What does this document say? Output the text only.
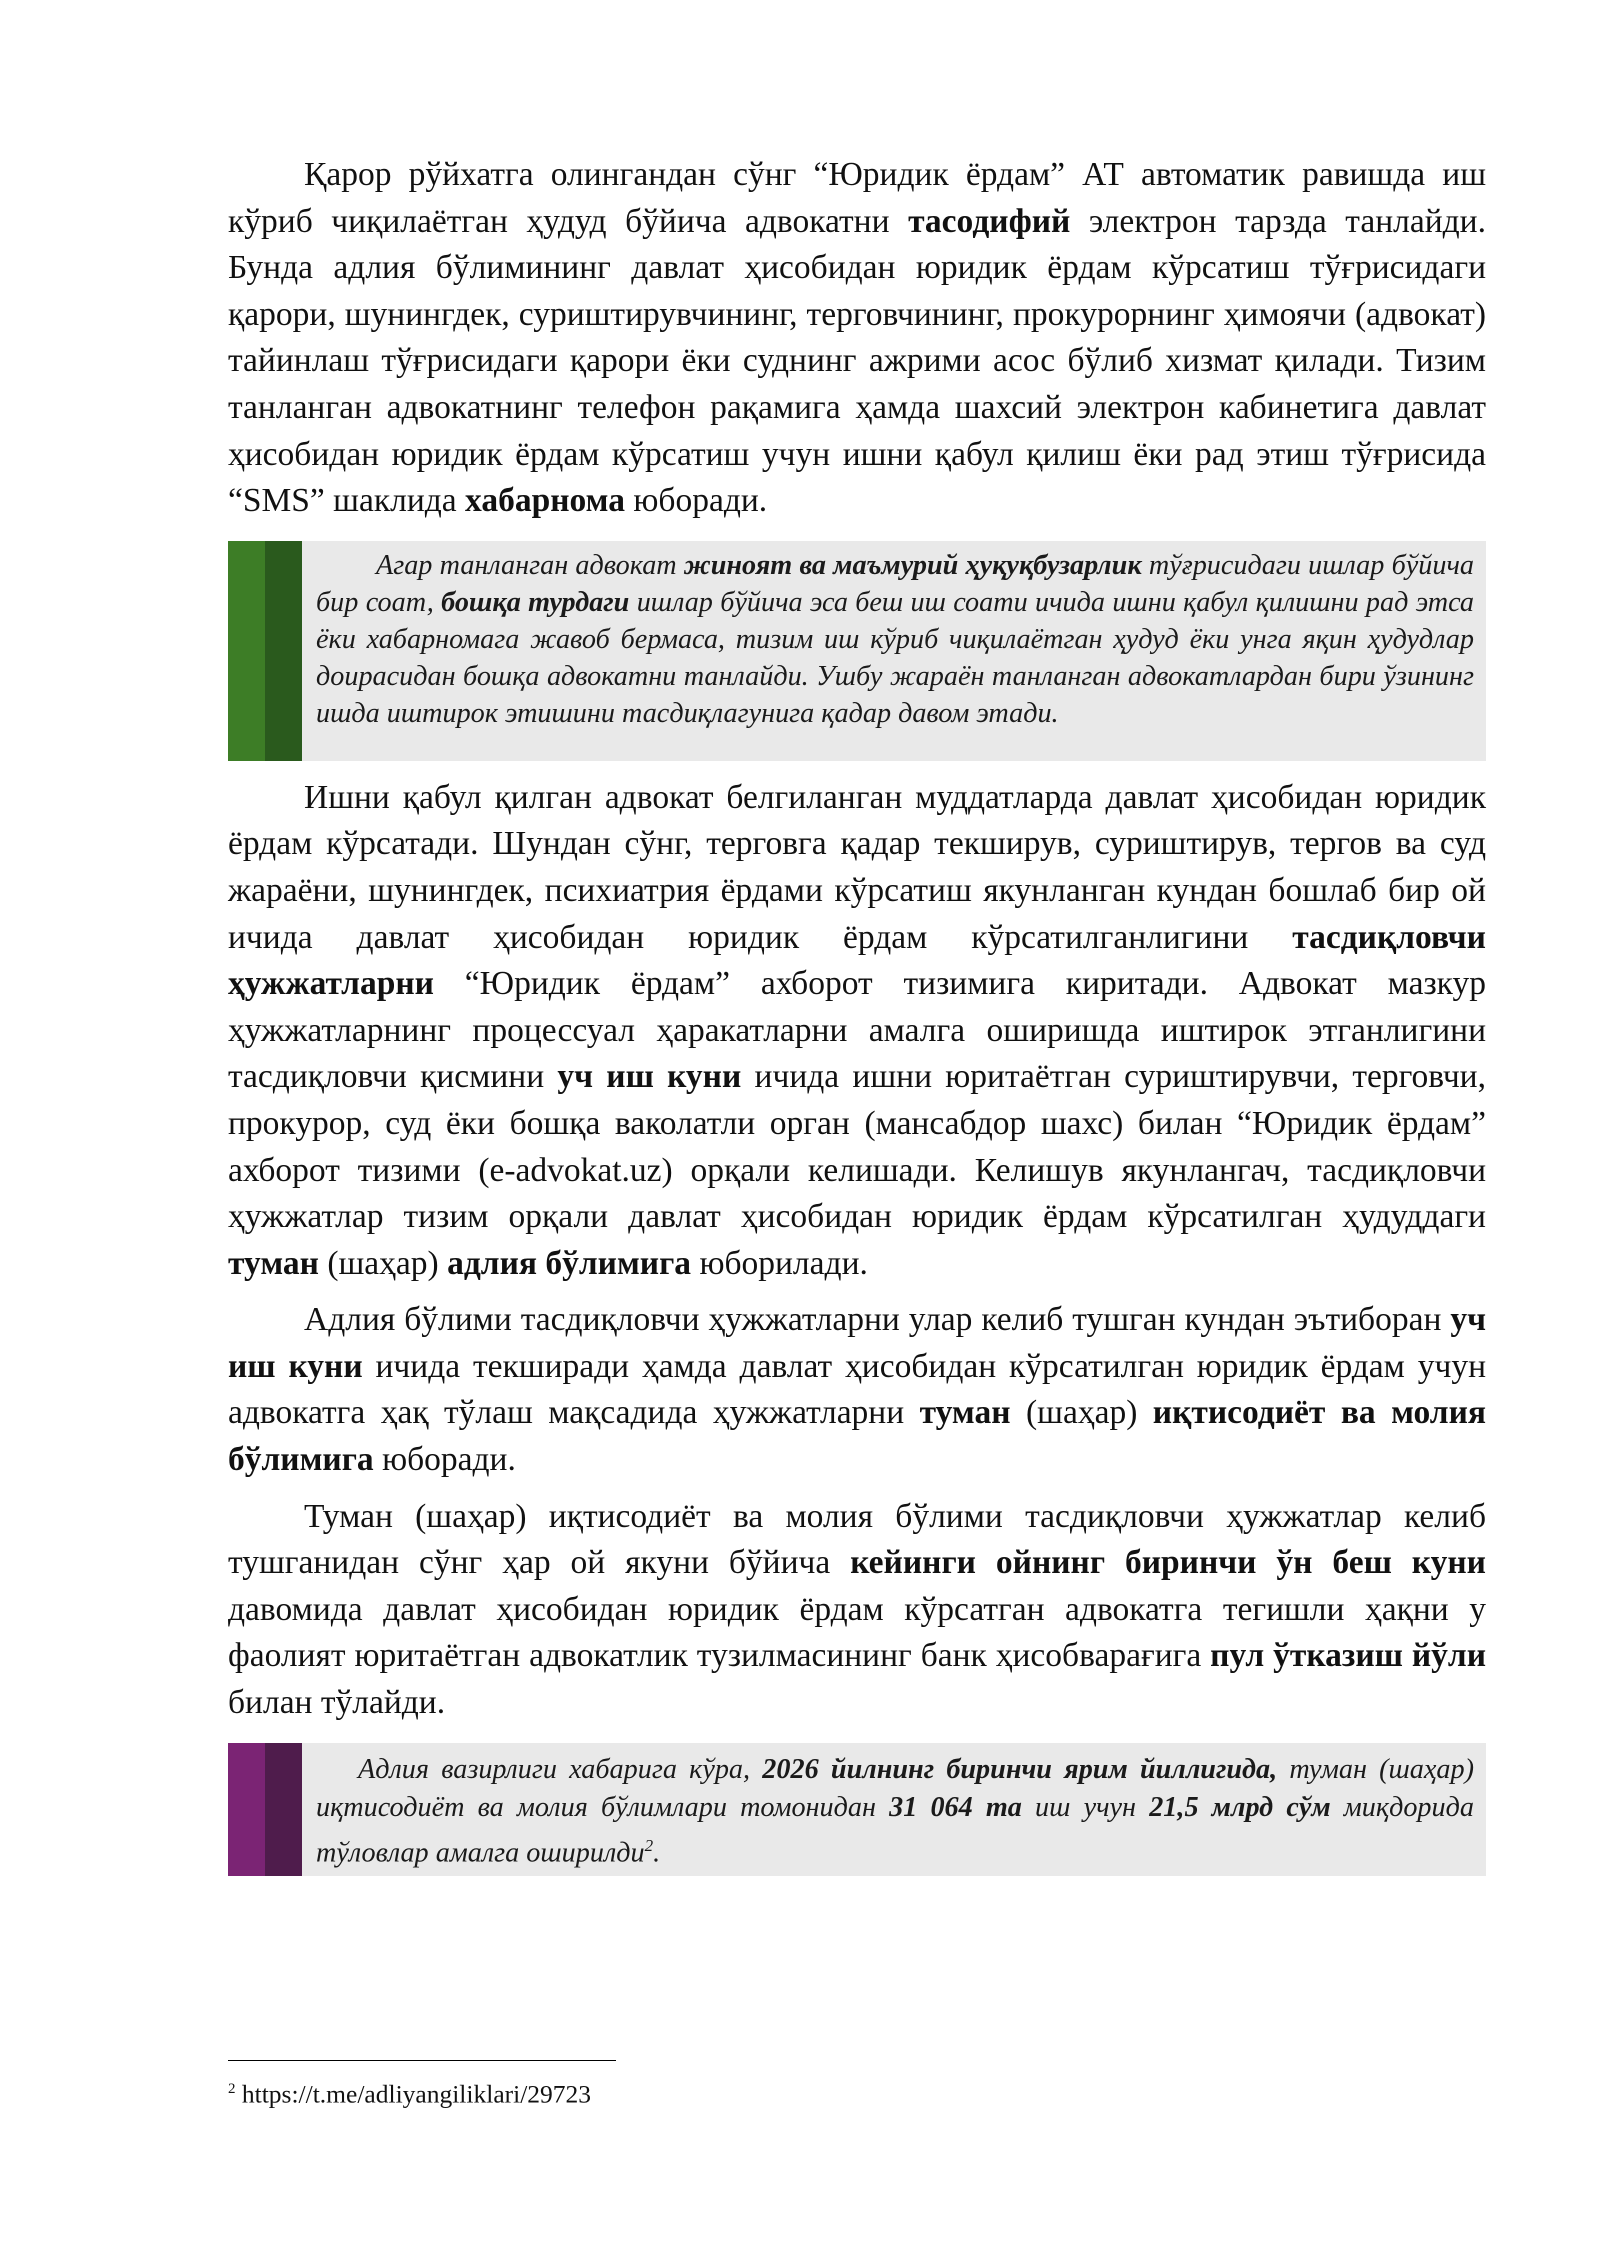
Қарор рўйхатга олингандан сўнг “Юридик ёрдам” АТ автоматик равишда иш кўриб чиқилаётган ҳудуд бўйича адвокатни тасодифий электрон тарзда танлайди. Бунда адлия бўлимининг давлат ҳисобидан юридик ёрдам кўрсатиш тўғрисидаги қарори, шунингдек, суриштирувчининг, терговчининг, прокурорнинг ҳимоячи (адвокат) тайинлаш тўғрисидаги қарори ёки суднинг ажрими асос бўлиб хизмат қилади. Тизим танланган адвокатнинг телефон рақамига ҳамда шахсий электрон кабинетига давлат ҳисобидан юридик ёрдам кўрсатиш учун ишни қабул қилиш ёки рад этиш тўғрисида “SMS” шаклида хабарнома юборади.

Агар танланган адвокат жиноят ва маъмурий ҳуқуқбузарлик тўғрисидаги ишлар бўйича бир соат, бошқа турдаги ишлар бўйича эса беш иш соати ичида ишни қабул қилишни рад этса ёки хабарномага жавоб бермаса, тизим иш кўриб чиқилаётган ҳудуд ёки унга яқин ҳудудлар доирасидан бошқа адвокатни танлайди. Ушбу жараён танланган адвокатлардан бири ўзининг ишда иштирок этишини тасдиқлагунига қадар давом этади.

Ишни қабул қилган адвокат белгиланган муддатларда давлат ҳисобидан юридик ёрдам кўрсатади. Шундан сўнг, терговга қадар текширув, суриштирув, тергов ва суд жараёни, шунингдек, психиатрия ёрдами кўрсатиш якунланган кундан бошлаб бир ой ичида давлат ҳисобидан юридик ёрдам кўрсатилганлигини тасдиқловчи ҳужжатларни “Юридик ёрдам” ахборот тизимига киритади. Адвокат мазкур ҳужжатларнинг процессуал ҳаракатларни амалга оширишда иштирок этганлигини тасдиқловчи қисмини уч иш куни ичида ишни юритаётган суриштирувчи, терговчи, прокурор, суд ёки бошқа ваколатли орган (мансабдор шахс) билан “Юридик ёрдам” ахборот тизими (e-advokat.uz) орқали келишади. Келишув якунлангач, тасдиқловчи ҳужжатлар тизим орқали давлат ҳисобидан юридик ёрдам кўрсатилган ҳудуддаги туман (шаҳар) адлия бўлимига юборилади.

Адлия бўлими тасдиқловчи ҳужжатларни улар келиб тушган кундан эътиборан уч иш куни ичида текширади ҳамда давлат ҳисобидан кўрсатилган юридик ёрдам учун адвокатга ҳақ тўлаш мақсадида ҳужжатларни туман (шаҳар) иқтисодиёт ва молия бўлимига юборади.

Туман (шаҳар) иқтисодиёт ва молия бўлими тасдиқловчи ҳужжатлар келиб тушганидан сўнг ҳар ой якуни бўйича кейинги ойнинг биринчи ўн беш куни давомида давлат ҳисобидан юридик ёрдам кўрсатган адвокатга тегишли ҳақни у фаолият юритаётган адвокатлик тузилмасининг банк ҳисобварағига пул ўтказиш йўли билан тўлайди.

Адлия вазирлиги хабарига кўра, 2026 йилнинг биринчи ярим йиллигида, туман (шаҳар) иқтисодиёт ва молия бўлимлари томонидан 31 064 та иш учун 21,5 млрд сўм миқдорида тўловлар амалга оширилди$^2$.

$^2$ https://t.me/adliyangiliklari/29723
